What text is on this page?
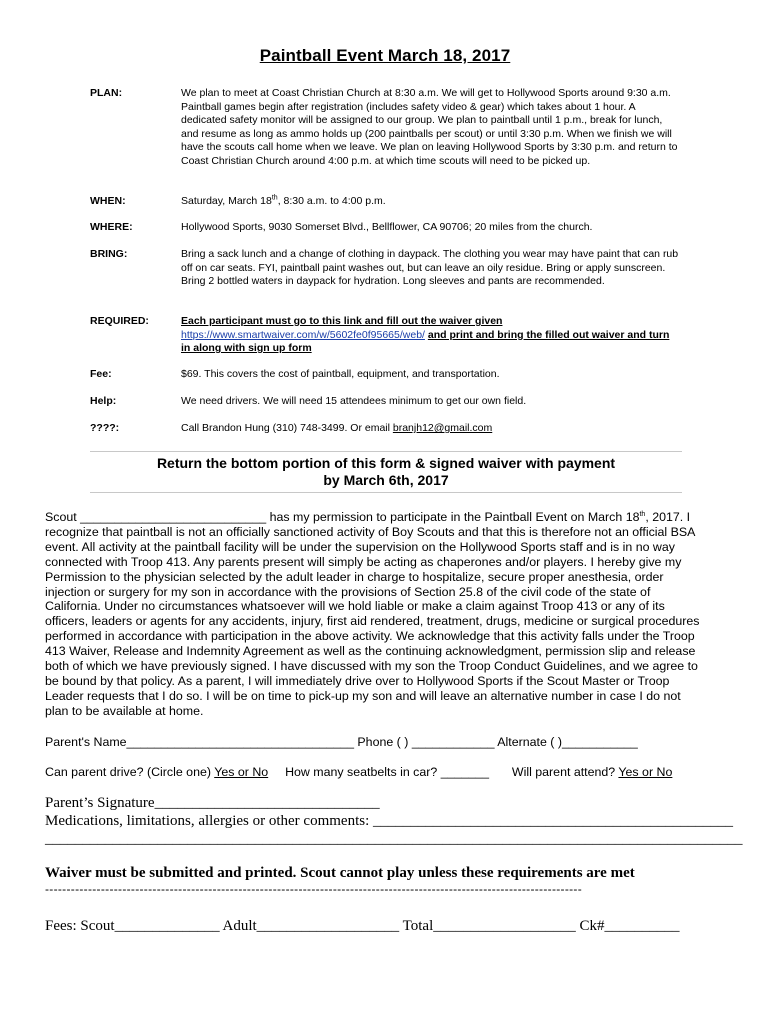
Paintball Event March 18, 2017
PLAN:	We plan to meet at Coast Christian Church at 8:30 a.m. We will get to Hollywood Sports around 9:30 a.m. Paintball games begin after registration (includes safety video & gear) which takes about 1 hour. A dedicated safety monitor will be assigned to our group. We plan to paintball until 1 p.m., break for lunch, and resume as long as ammo holds up (200 paintballs per scout) or until 3:30 p.m. When we finish we will have the scouts call home when we leave. We plan on leaving Hollywood Sports by 3:30 p.m. and return to Coast Christian Church around 4:00 p.m. at which time scouts will need to be picked up.
WHEN:	Saturday, March 18th, 8:30 a.m. to 4:00 p.m.
WHERE:	Hollywood Sports, 9030 Somerset Blvd., Bellflower, CA 90706; 20 miles from the church.
BRING:	Bring a sack lunch and a change of clothing in daypack. The clothing you wear may have paint that can rub off on car seats. FYI, paintball paint washes out, but can leave an oily residue. Bring or apply sunscreen. Bring 2 bottled waters in daypack for hydration. Long sleeves and pants are recommended.
REQUIRED:	Each participant must go to this link and fill out the waiver given https://www.smartwaiver.com/w/5602fe0f95665/web/ and print and bring the filled out waiver and turn in along with sign up form
Fee:	$69. This covers the cost of paintball, equipment, and transportation.
Help:	We need drivers. We will need 15 attendees minimum to get our own field.
????:	Call Brandon Hung (310) 748-3499. Or email branjh12@gmail.com
Return the bottom portion of this form & signed waiver with payment
by March 6th, 2017
Scout ___________________________ has my permission to participate in the Paintball Event on March 18th, 2017. I recognize that paintball is not an officially sanctioned activity of Boy Scouts and that this is therefore not an official BSA event. All activity at the paintball facility will be under the supervision on the Hollywood Sports staff and is in no way connected with Troop 413. Any parents present will simply be acting as chaperones and/or players. I hereby give my Permission to the physician selected by the adult leader in charge to hospitalize, secure proper anesthesia, order injection or surgery for my son in accordance with the provisions of Section 25.8 of the civil code of the state of California. Under no circumstances whatsoever will we hold liable or make a claim against Troop 413 or any of its officers, leaders or agents for any accidents, injury, first aid rendered, treatment, drugs, medicine or surgical procedures performed in accordance with participation in the above activity. We acknowledge that this activity falls under the Troop 413 Waiver, Release and Indemnity Agreement as well as the continuing acknowledgment, permission slip and release both of which we have previously signed. I have discussed with my son the Troop Conduct Guidelines, and we agree to be bound by that policy. As a parent, I will immediately drive over to Hollywood Sports if the Scout Master or Troop Leader requests that I do so. I will be on time to pick-up my son and will leave an alternative number in case I do not plan to be available at home.
Parent's Name_________________________________ Phone ( ) ____________ Alternate ( )___________
Can parent drive? (Circle one) Yes or No How many seatbelts in car? _______ Will parent attend? Yes or No
Parent’s Signature______________________________
Medications, limitations, allergies or other comments: ________________________________________________
_____________________________________________________________________________________________
Waiver must be submitted and printed. Scout cannot play unless these requirements are met
-----------------------------------------------------------------------------------------------------------------------------
Fees: Scout______________ Adult___________________ Total___________________ Ck#__________
